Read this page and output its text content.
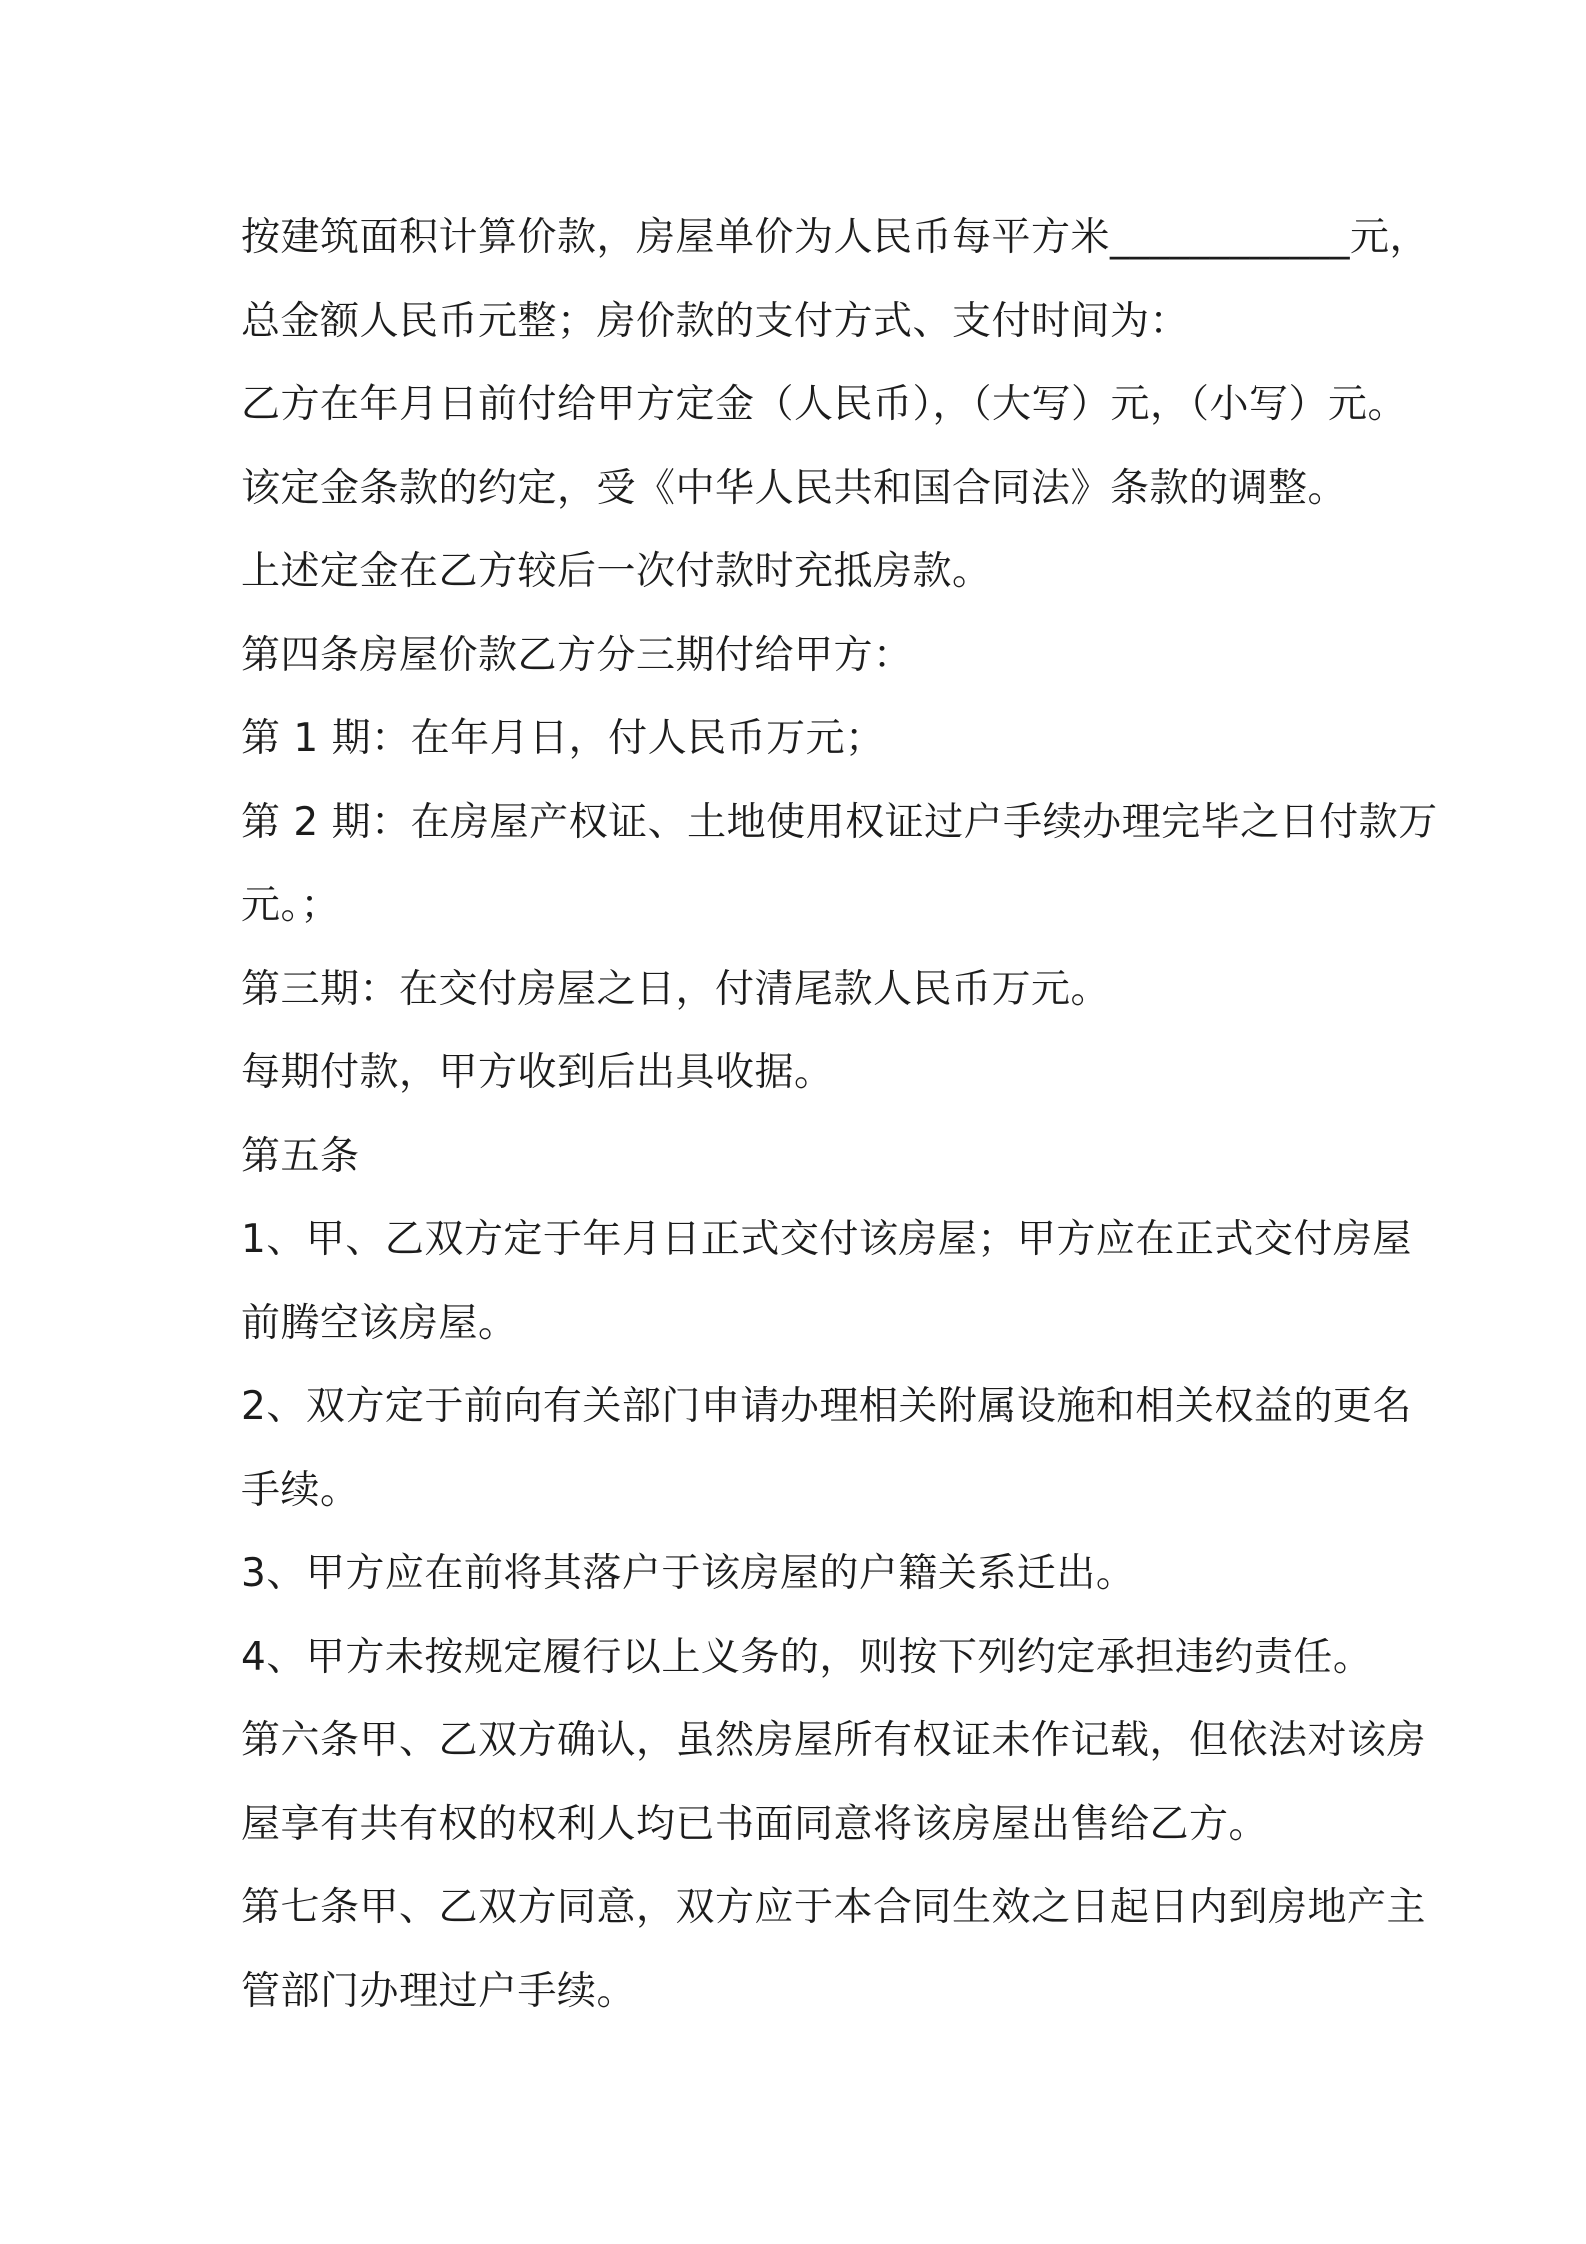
按建筑面积计算价款，房屋单价为人民币每平方米____________元，
总金额人民币元整；房价款的支付方式、支付时间为：
乙方在年月日前付给甲方定金（人民币），（大写）元，（小写）元。
该定金条款的约定，受《中华人民共和国合同法》条款的调整。
上述定金在乙方较后一次付款时充抵房款。
第四条房屋价款乙方分三期付给甲方：
第 1 期：在年月日，付人民币万元；
第 2 期：在房屋产权证、土地使用权证过户手续办理完毕之日付款万
元。；
第三期：在交付房屋之日，付清尾款人民币万元。
每期付款，甲方收到后出具收据。
第五条
1、甲、乙双方定于年月日正式交付该房屋；甲方应在正式交付房屋
前腾空该房屋。
2、双方定于前向有关部门申请办理相关附属设施和相关权益的更名
手续。
3、甲方应在前将其落户于该房屋的户籍关系迁出。
4、甲方未按规定履行以上义务的，则按下列约定承担违约责任。
第六条甲、乙双方确认，虽然房屋所有权证未作记载，但依法对该房
屋享有共有权的权利人均已书面同意将该房屋出售给乙方。
第七条甲、乙双方同意，双方应于本合同生效之日起日内到房地产主
管部门办理过户手续。
